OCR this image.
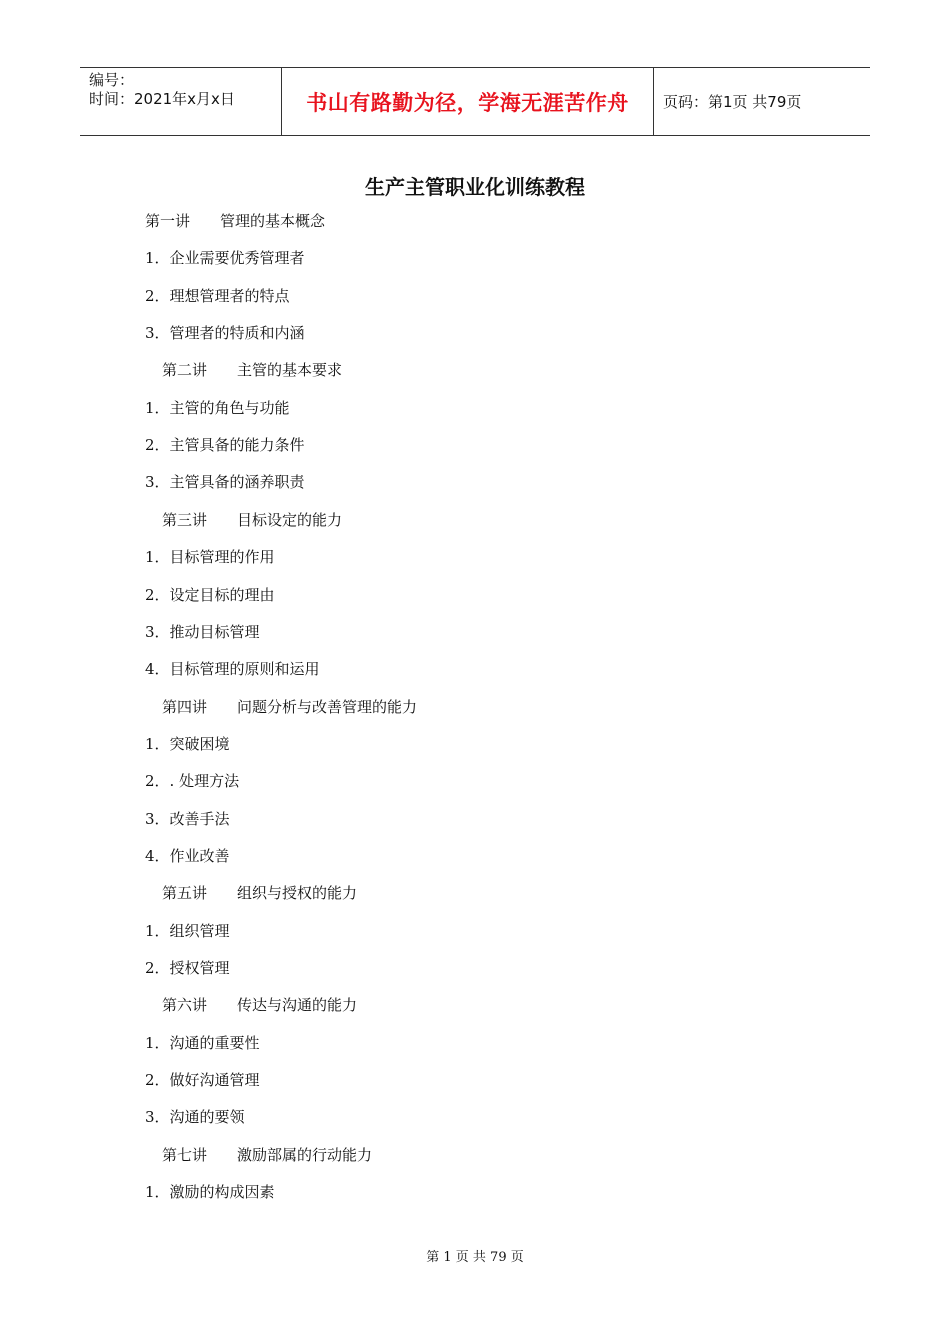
编号：
时间：2021年x月x日	书山有路勤为径，学海无涯苦作舟	页码：第1页 共79页
生产主管职业化训练教程
第一讲 管理的基本概念
1．企业需要优秀管理者
2．理想管理者的特点
3．管理者的特质和内涵
第二讲 主管的基本要求
1．主管的角色与功能
2．主管具备的能力条件
3．主管具备的涵养职责
第三讲 目标设定的能力
1．目标管理的作用
2．设定目标的理由
3．推动目标管理
4．目标管理的原则和运用
第四讲 问题分析与改善管理的能力
1．突破困境
2．. 处理方法
3．改善手法
4．作业改善
第五讲 组织与授权的能力
1．组织管理
2．授权管理
第六讲 传达与沟通的能力
1．沟通的重要性
2．做好沟通管理
3．沟通的要领
第七讲 激励部属的行动能力
1．激励的构成因素
第 1 页 共 79 页
